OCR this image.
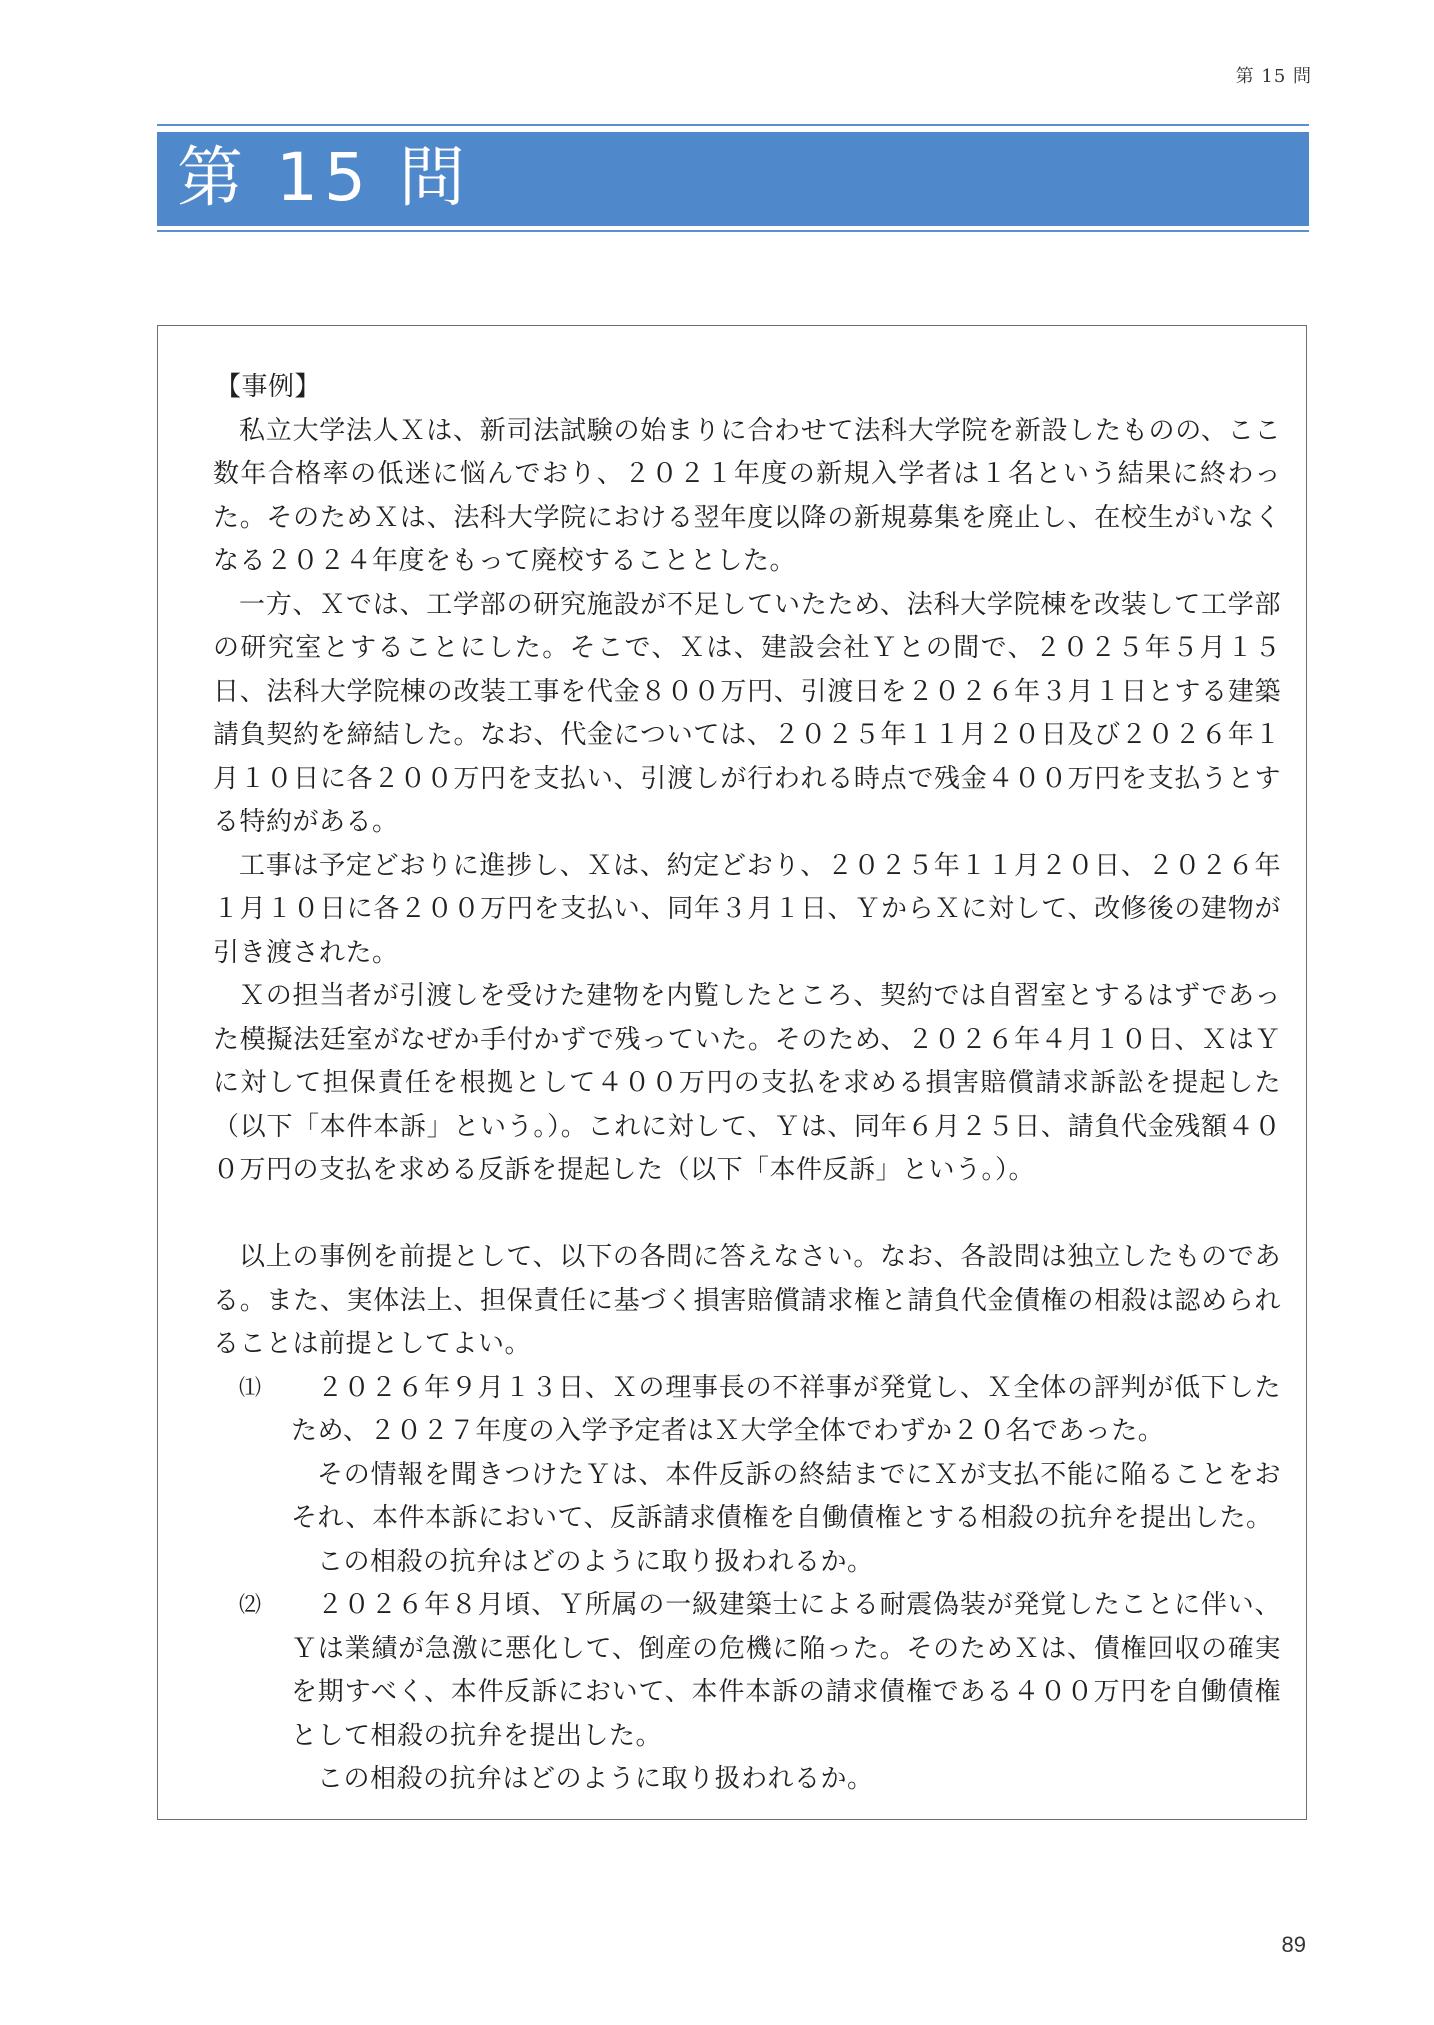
第 15 問
第 15 問

【事例】

私立大学法人Ｘは、新司法試験の始まりに合わせて法科大学院を新設したものの、ここ数年合格率の低迷に悩んでおり、２０２１年度の新規入学者は１名という結果に終わった。そのためＸは、法科大学院における翌年度以降の新規募集を廃止し、在校生がいなくなる２０２４年度をもって廃校することとした。

一方、Ｘでは、工学部の研究施設が不足していたため、法科大学院棟を改装して工学部の研究室とすることにした。そこで、Ｘは、建設会社Ｙとの間で、２０２５年５月１５日、法科大学院棟の改装工事を代金８００万円、引渡日を２０２６年３月１日とする建築請負契約を締結した。なお、代金については、２０２５年１１月２０日及び２０２６年１月１０日に各２００万円を支払い、引渡しが行われる時点で残金４００万円を支払うとする特約がある。

工事は予定どおりに進捗し、Ｘは、約定どおり、２０２５年１１月２０日、２０２６年１月１０日に各２００万円を支払い、同年３月１日、ＹからＸに対して、改修後の建物が引き渡された。

Ｘの担当者が引渡しを受けた建物を内覧したところ、契約では自習室とするはずであった模擬法廷室がなぜか手付かずで残っていた。そのため、２０２６年４月１０日、ＸはＹに対して担保責任を根拠として４００万円の支払を求める損害賠償請求訴訟を提起した（以下「本件本訴」という。）。これに対して、Ｙは、同年６月２５日、請負代金残額４００万円の支払を求める反訴を提起した（以下「本件反訴」という。）。

以上の事例を前提として、以下の各問に答えなさい。なお、各設問は独立したものである。また、実体法上、担保責任に基づく損害賠償請求権と請負代金債権の相殺は認められることは前提としてよい。

⑴	２０２６年９月１３日、Ｘの理事長の不祥事が発覚し、Ｘ全体の評判が低下したため、２０２７年度の入学予定者はＸ大学全体でわずか２０名であった。

その情報を聞きつけたＹは、本件反訴の終結までにＸが支払不能に陥ることをおそれ、本件本訴において、反訴請求債権を自働債権とする相殺の抗弁を提出した。

この相殺の抗弁はどのように取り扱われるか。

⑵	２０２６年８月頃、Ｙ所属の一級建築士による耐震偽装が発覚したことに伴い、Ｙは業績が急激に悪化して、倒産の危機に陥った。そのためＸは、債権回収の確実を期すべく、本件反訴において、本件本訴の請求債権である４００万円を自働債権として相殺の抗弁を提出した。

この相殺の抗弁はどのように取り扱われるか。

89
